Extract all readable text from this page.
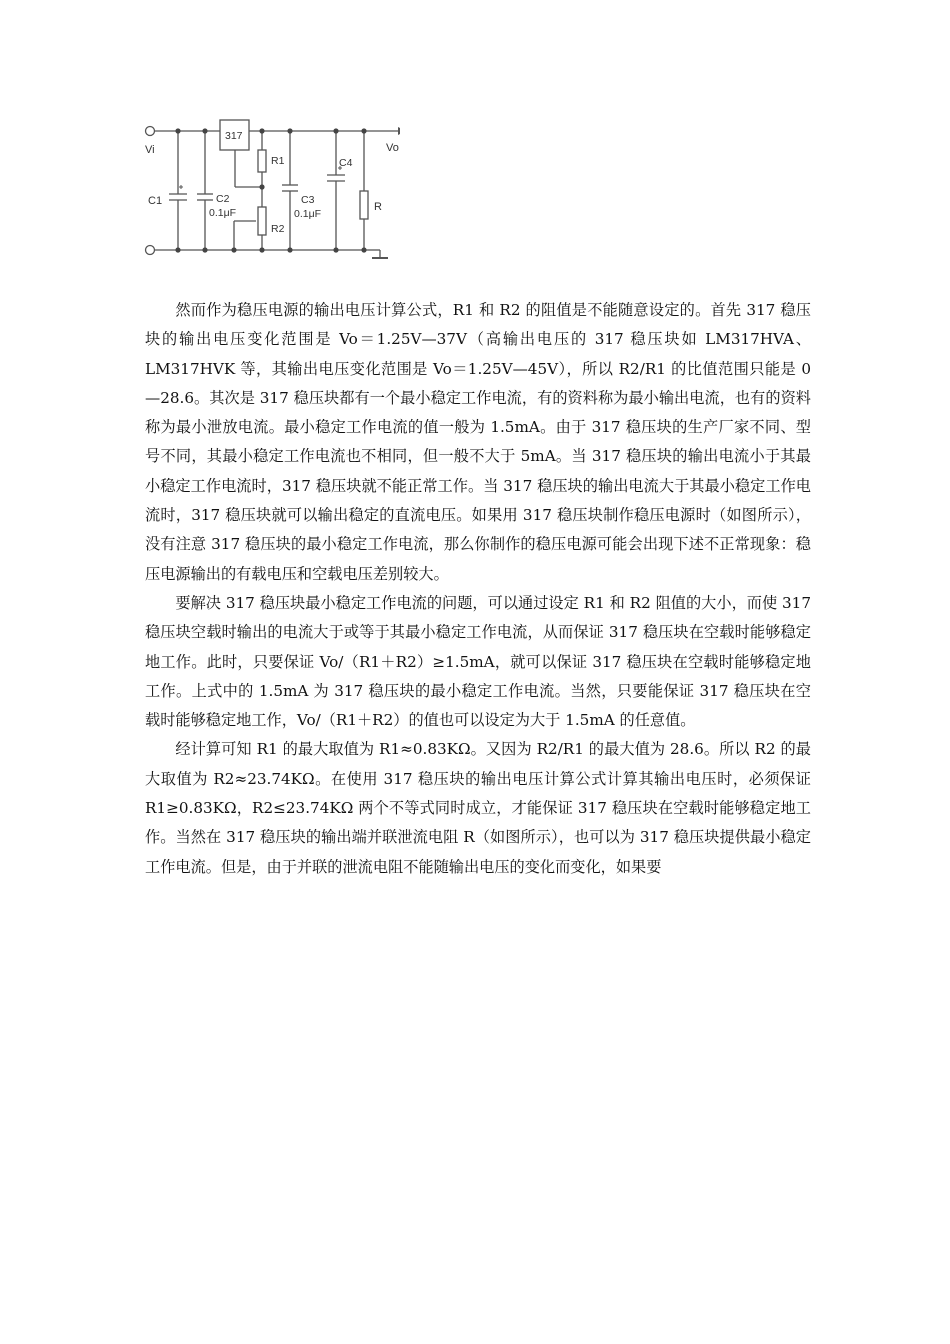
Vi	Vo
317
C1	C2
0.1μF
R1
R2
C3
0.1μF
C4
R

然而作为稳压电源的输出电压计算公式，R1 和 R2 的阻值是不能随意设定的。首先 317 稳压块的输出电压变化范围是 Vo＝1.25V—37V（高输出电压的 317 稳压块如 LM317HVA、LM317HVK 等，其输出电压变化范围是 Vo＝1.25V—45V），所以 R2/R1 的比值范围只能是 0—28.6。其次是 317 稳压块都有一个最小稳定工作电流，有的资料称为最小输出电流，也有的资料称为最小泄放电流。最小稳定工作电流的值一般为 1.5mA。由于 317 稳压块的生产厂家不同、型号不同，其最小稳定工作电流也不相同，但一般不大于 5mA。当 317 稳压块的输出电流小于其最小稳定工作电流时，317 稳压块就不能正常工作。当 317 稳压块的输出电流大于其最小稳定工作电流时，317 稳压块就可以输出稳定的直流电压。如果用 317 稳压块制作稳压电源时（如图所示），没有注意 317 稳压块的最小稳定工作电流，那么你制作的稳压电源可能会出现下述不正常现象：稳压电源输出的有载电压和空载电压差别较大。

要解决 317 稳压块最小稳定工作电流的问题，可以通过设定 R1 和 R2 阻值的大小，而使 317 稳压块空载时输出的电流大于或等于其最小稳定工作电流，从而保证 317 稳压块在空载时能够稳定地工作。此时，只要保证 Vo/（R1＋R2）≥1.5mA，就可以保证 317 稳压块在空载时能够稳定地工作。上式中的 1.5mA 为 317 稳压块的最小稳定工作电流。当然，只要能保证 317 稳压块在空载时能够稳定地工作，Vo/（R1＋R2）的值也可以设定为大于 1.5mA 的任意值。

经计算可知 R1 的最大取值为 R1≈0.83KΩ。又因为 R2/R1 的最大值为 28.6。所以 R2 的最大取值为 R2≈23.74KΩ。在使用 317 稳压块的输出电压计算公式计算其输出电压时，必须保证 R1≥0.83KΩ，R2≤23.74KΩ 两个不等式同时成立，才能保证 317 稳压块在空载时能够稳定地工作。当然在 317 稳压块的输出端并联泄流电阻 R（如图所示），也可以为 317 稳压块提供最小稳定工作电流。但是，由于并联的泄流电阻不能随输出电压的变化而变化，如果要
